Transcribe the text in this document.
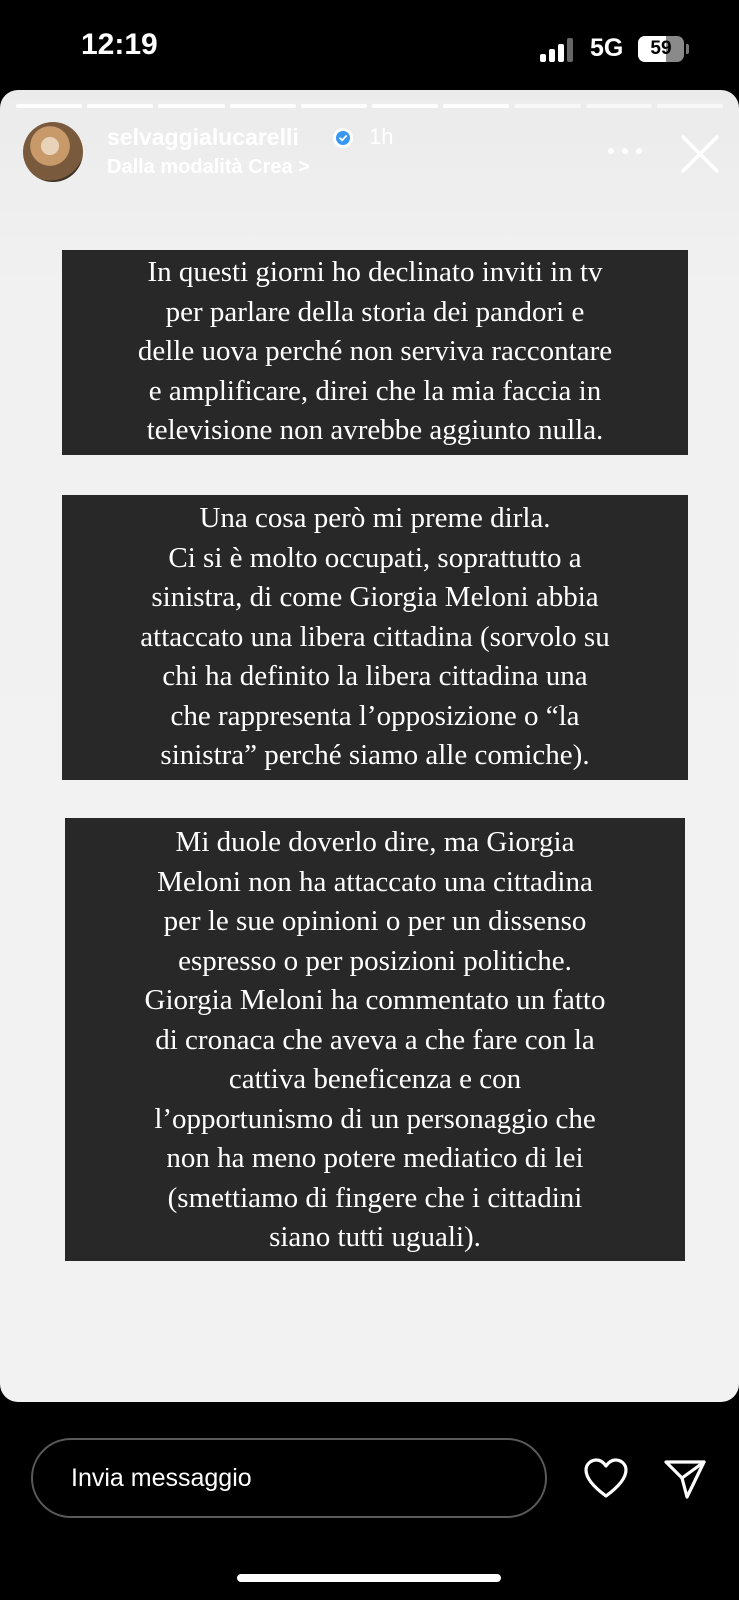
12:19	5G	59
selvaggialucarelli	1h
Dalla modalità Crea >
In questi giorni ho declinato inviti in tv
per parlare della storia dei pandori e
delle uova perché non serviva raccontare
e amplificare, direi che la mia faccia in
televisione non avrebbe aggiunto nulla.
Una cosa però mi preme dirla.
Ci si è molto occupati, soprattutto a
sinistra, di come Giorgia Meloni abbia
attaccato una libera cittadina (sorvolo su
chi ha definito la libera cittadina una
che rappresenta l’opposizione o “la
sinistra” perché siamo alle comiche).
Mi duole doverlo dire, ma Giorgia
Meloni non ha attaccato una cittadina
per le sue opinioni o per un dissenso
espresso o per posizioni politiche.
Giorgia Meloni ha commentato un fatto
di cronaca che aveva a che fare con la
cattiva beneficenza e con
l’opportunismo di un personaggio che
non ha meno potere mediatico di lei
(smettiamo di fingere che i cittadini
siano tutti uguali).
Invia messaggio
